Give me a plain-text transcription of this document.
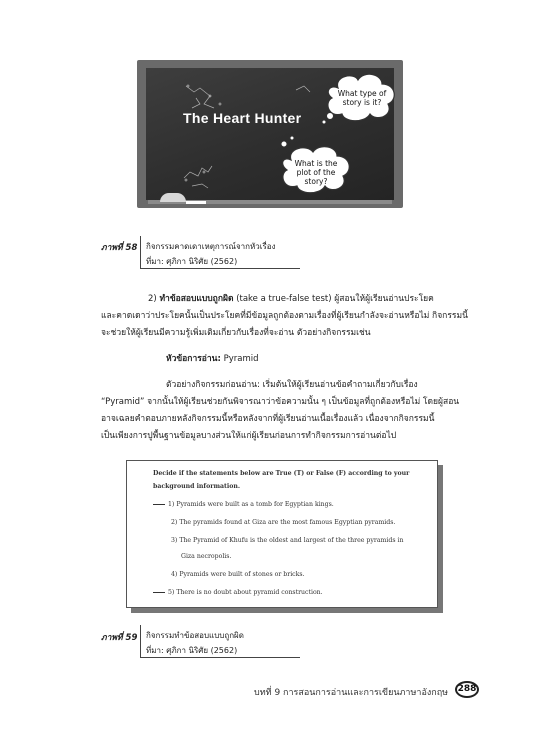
The Heart Hunter
What type of story is it?
What is the plot of the story?
ภาพที่ 58 กิจกรรมคาดเดาเหตุการณ์จากหัวเรื่อง
ที่มา: ศุภิกา นิริศัย (2562)
2) ทำข้อสอบแบบถูกผิด (take a true-false test) ผู้สอนให้ผู้เรียนอ่านประโยค
และคาดเดาว่าประโยคนั้นเป็นประโยคที่มีข้อมูลถูกต้องตามเรื่องที่ผู้เรียนกำลังจะอ่านหรือไม่ กิจกรรมนี้
จะช่วยให้ผู้เรียนมีความรู้เพิ่มเติมเกี่ยวกับเรื่องที่จะอ่าน ตัวอย่างกิจกรรมเช่น
หัวข้อการอ่าน: Pyramid
ตัวอย่างกิจกรรมก่อนอ่าน: เริ่มต้นให้ผู้เรียนอ่านข้อคำถามเกี่ยวกับเรื่อง
“Pyramid” จากนั้นให้ผู้เรียนช่วยกันพิจารณาว่าข้อความนั้น ๆ เป็นข้อมูลที่ถูกต้องหรือไม่ โดยผู้สอน
อาจเฉลยคำตอบภายหลังกิจกรรมนี้หรือหลังจากที่ผู้เรียนอ่านเนื้อเรื่องแล้ว เนื่องจากกิจกรรมนี้
เป็นเพียงการปูพื้นฐานข้อมูลบางส่วนให้แก่ผู้เรียนก่อนการทำกิจกรรมการอ่านต่อไป
Decide if the statements below are True (T) or False (F) according to your
background information.
1) Pyramids were built as a tomb for Egyptian kings.
2) The pyramids found at Giza are the most famous Egyptian pyramids.
3) The Pyramid of Khufu is the oldest and largest of the three pyramids in
Giza necropolis.
4) Pyramids were built of stones or bricks.
5) There is no doubt about pyramid construction.
ภาพที่ 59 กิจกรรมทำข้อสอบแบบถูกผิด
ที่มา: ศุภิกา นิริศัย (2562)
บทที่ 9 การสอนการอ่านและการเขียนภาษาอังกฤษ 288
